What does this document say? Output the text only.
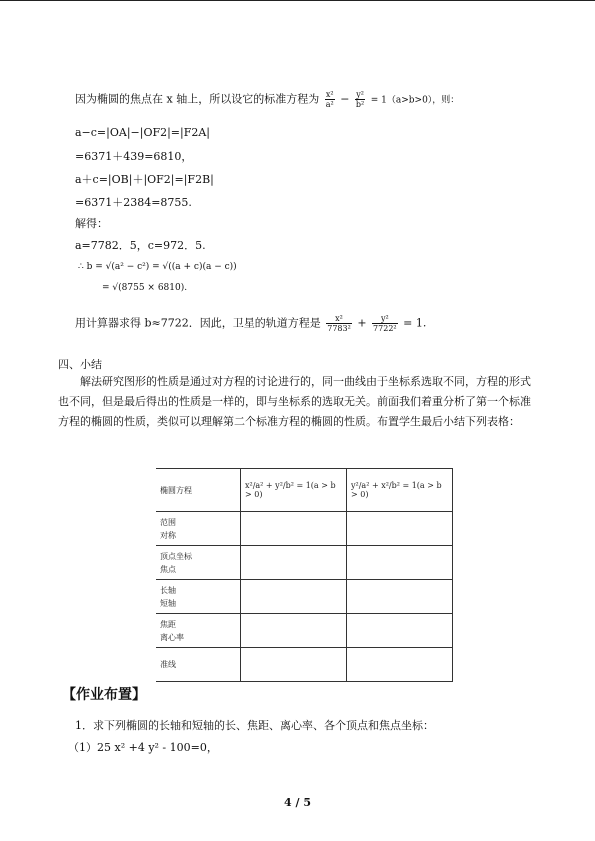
因为椭圆的焦点在 x 轴上，所以设它的标准方程为 $\frac{\text{x²}}{\text{a²}} - \frac{\text{y²}}{\text{b²}} = 1(a>b>0)$，则：
a−c=|OA|−|OF2|=|F2A|
=6371＋439=6810，
a＋c=|OB|＋|OF2|=|F2B|
=6371＋2384=8755.
解得：
a=7782．5，c=972．5.
∴ b = √(a² − c²) = √((a + c)(a − c))
= √(8755 × 6810).
用计算器求得 b≈7722．因此，卫星的轨道方程是 $\frac{\text{x²}}{\text{7783²}} + \frac{\text{y²}}{\text{7722²}} = 1$.
四、小结
解法研究图形的性质是通过对方程的讨论进行的，同一曲线由于坐标系选取不同，方程的形式也不同，但是最后得出的性质是一样的，即与坐标系的选取无关。前面我们着重分析了第一个标准方程的椭圆的性质，类似可以理解第二个标准方程的椭圆的性质。布置学生最后小结下列表格：
椭圆方程	x²/a² + y²/b² = 1(a > b > 0)	y²/a² + x²/b² = 1(a > b > 0)

范围
对称		

顶点坐标
焦点		

长轴
短轴		

焦距
离心率		

准线		

【作业布置】
1．求下列椭圆的长轴和短轴的长、焦距、离心率、各个顶点和焦点坐标：
（1）25 x² +4 y² - 100=0，
4 / 5
